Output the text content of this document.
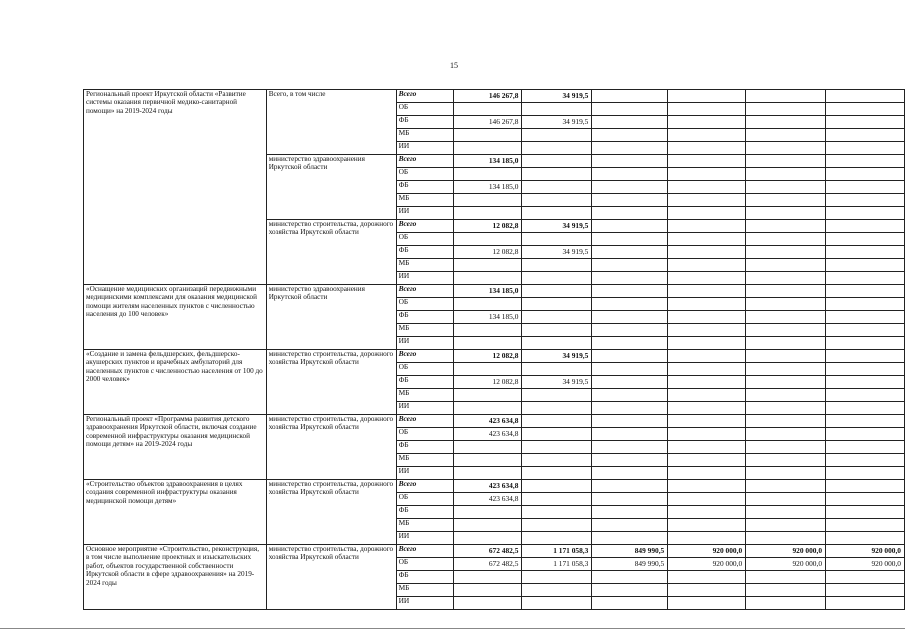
15
Региональный проект Иркутской области «Развитие системы оказания первичной медико-санитарной помощи» на 2019-2024 годы	Всего, в том числе	Всего	146 267,8	34 919,5				
		ОБ						
		ФБ	146 267,8	34 919,5				
		МБ						
		ИИ						
	министерство здравоохранения Иркутской области	Всего	134 185,0					
		ОБ						
		ФБ	134 185,0					
		МБ						
		ИИ						
	министерство строительства, дорожного хозяйства Иркутской области	Всего	12 082,8	34 919,5				
		ОБ						
		ФБ	12 082,8	34 919,5				
		МБ						
		ИИ						
«Оснащение медицинских организаций передвижными медицинскими комплексами для оказания медицинской помощи жителям населенных пунктов с численностью населения до 100 человек»	министерство здравоохранения Иркутской области	Всего	134 185,0					
		ОБ						
		ФБ	134 185,0					
		МБ						
		ИИ						
«Создание и замена фельдшерских, фельдшерско-акушерских пунктов и врачебных амбулаторий для населенных пунктов с численностью населения от 100 до 2000 человек»	министерство строительства, дорожного хозяйства Иркутской области	Всего	12 082,8	34 919,5				
		ОБ						
		ФБ	12 082,8	34 919,5				
		МБ						
		ИИ						
Региональный проект «Программа развития детского здравоохранения Иркутской области, включая создание современной инфраструктуры оказания медицинской помощи детям» на 2019-2024 годы	министерство строительства, дорожного хозяйства Иркутской области	Всего	423 634,8					
		ОБ	423 634,8					
		ФБ						
		МБ						
		ИИ						
«Строительство объектов здравоохранения в целях создания современной инфраструктуры оказания медицинской помощи детям»	министерство строительства, дорожного хозяйства Иркутской области	Всего	423 634,8					
		ОБ	423 634,8					
		ФБ						
		МБ						
		ИИ						
Основное мероприятие «Строительство, реконструкция, в том числе выполнение проектных и изыскательских работ, объектов государственной собственности Иркутской области в сфере здравоохранения» на 2019-2024 годы	министерство строительства, дорожного хозяйства Иркутской области	Всего	672 482,5	1 171 058,3	849 990,5	920 000,0	920 000,0	920 000,0
		ОБ	672 482,5	1 171 058,3	849 990,5	920 000,0	920 000,0	920 000,0
		ФБ						
		МБ						
		ИИ						
